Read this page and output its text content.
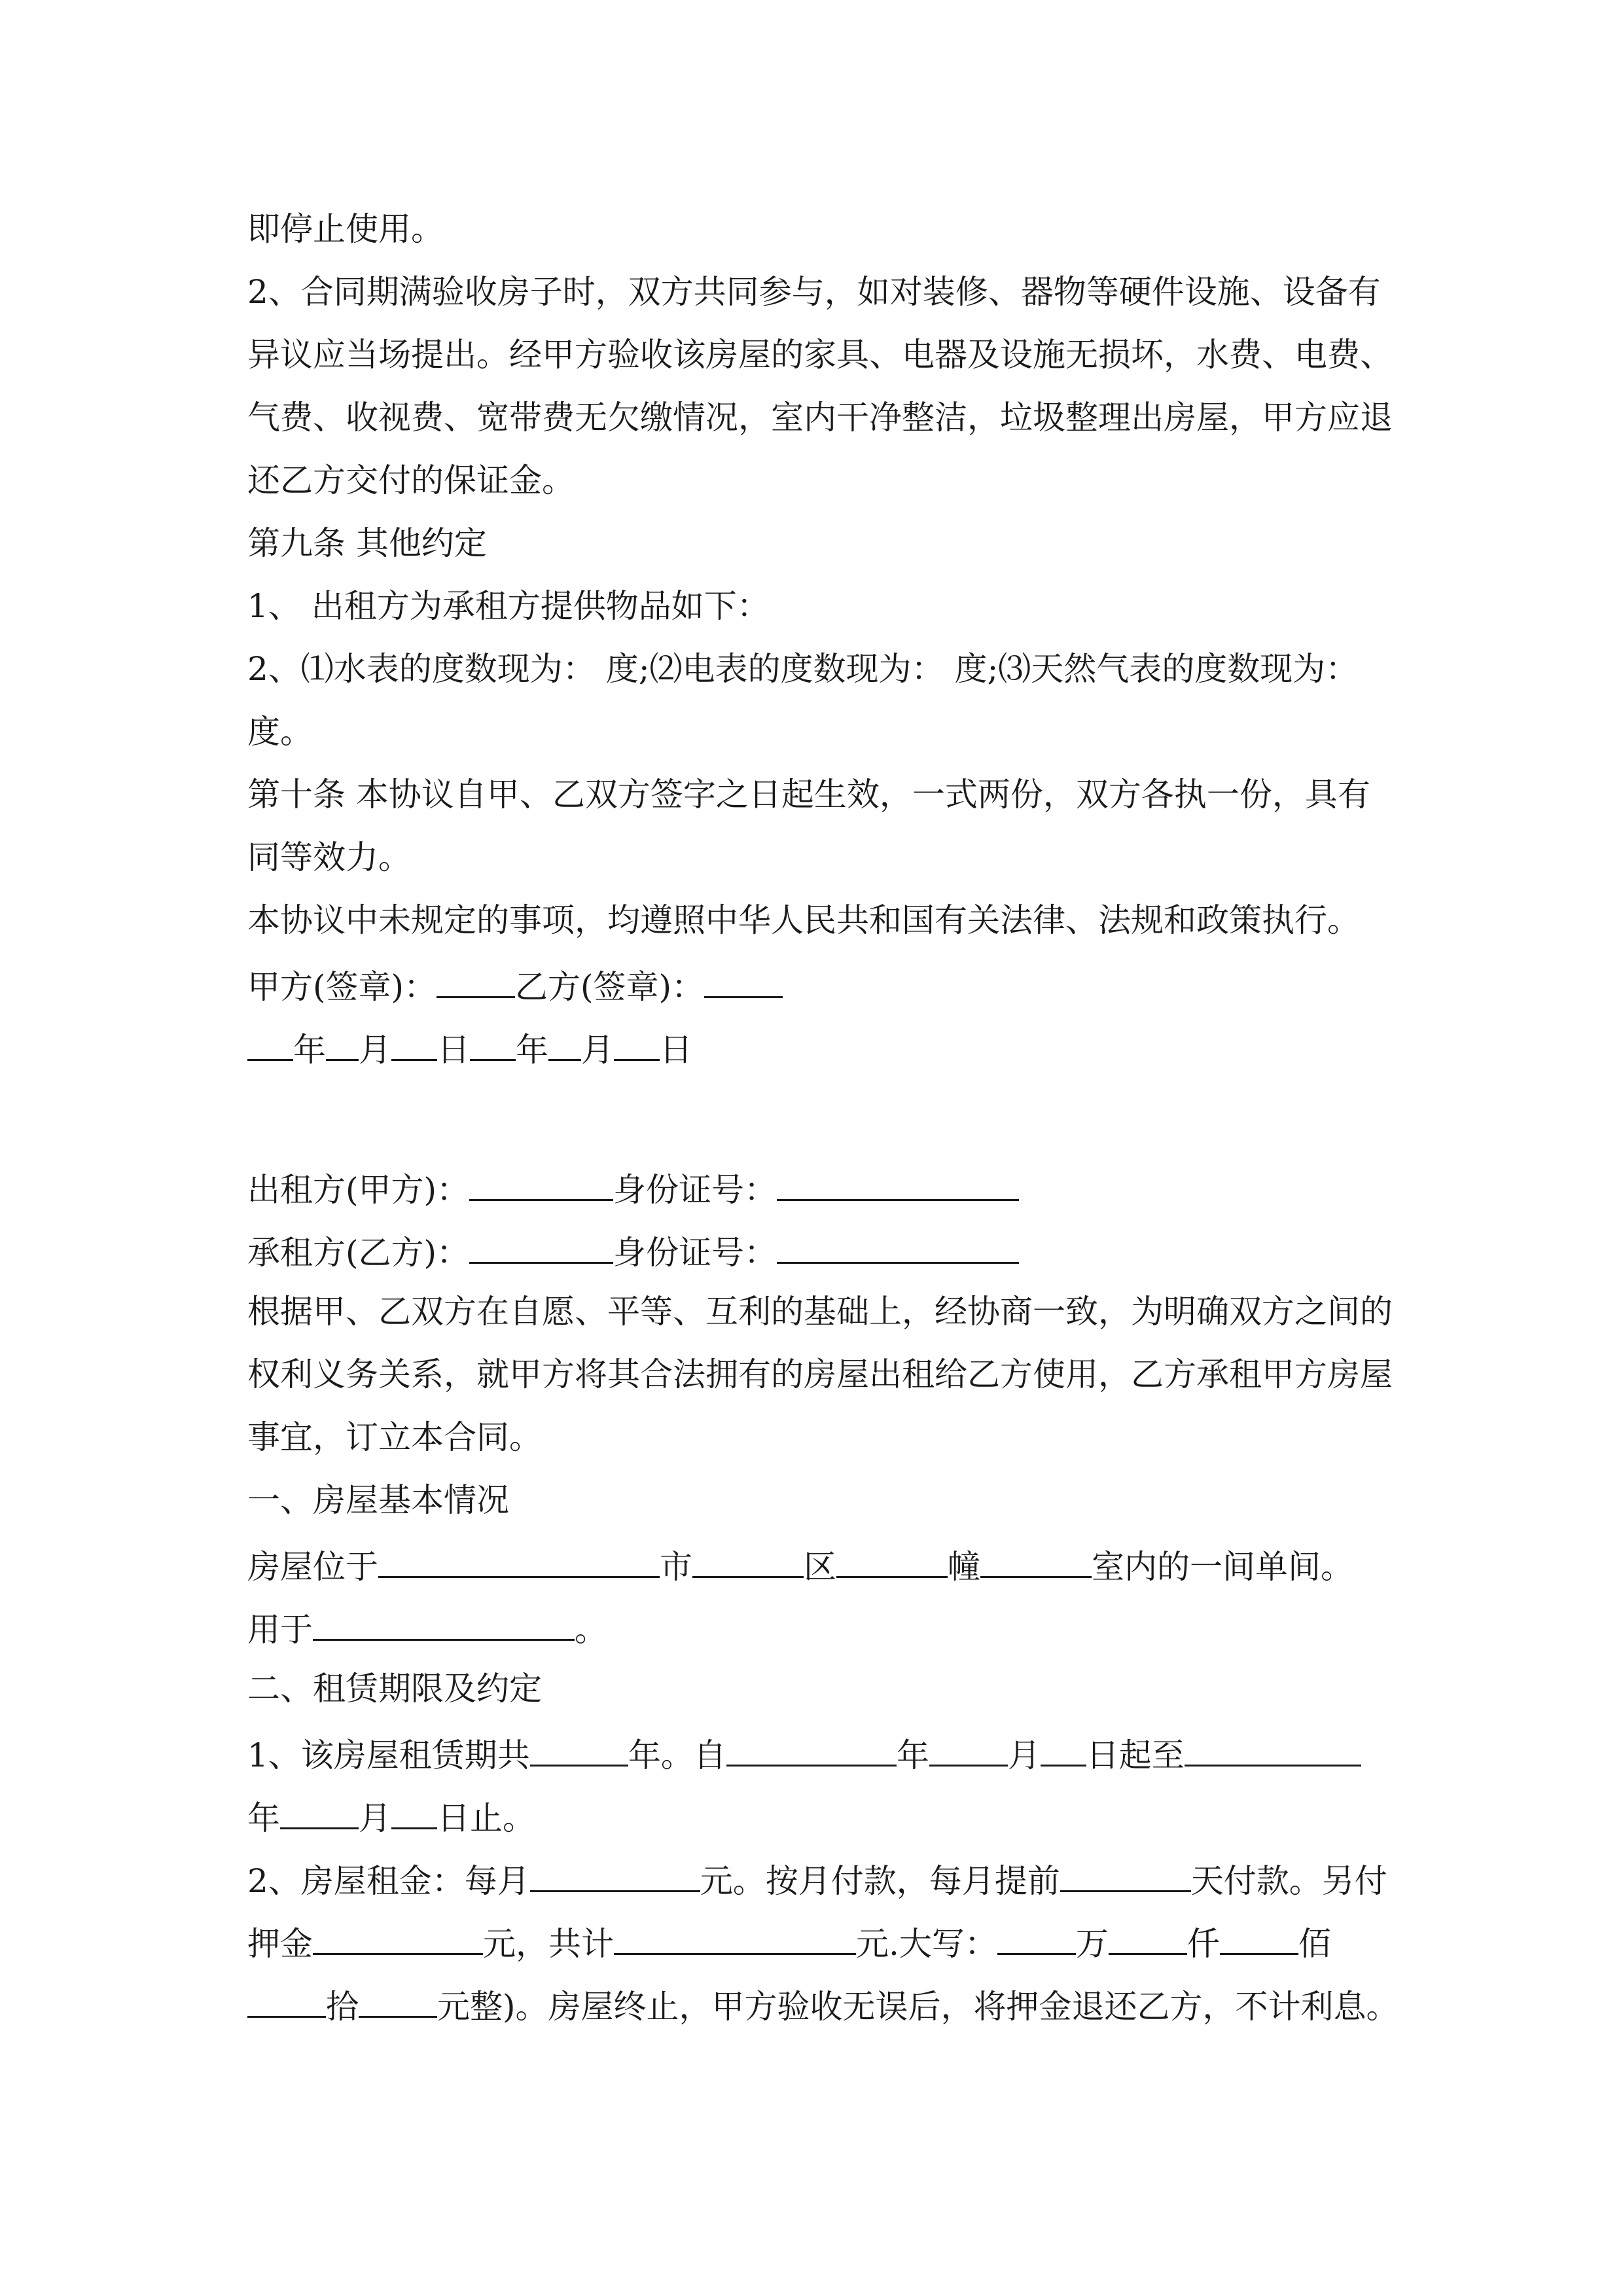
即停止使用。

2、合同期满验收房子时，双方共同参与，如对装修、器物等硬件设施、设备有

异议应当场提出。经甲方验收该房屋的家具、电器及设施无损坏，水费、电费、

气费、收视费、宽带费无欠缴情况，室内干净整洁，垃圾整理出房屋，甲方应退

还乙方交付的保证金。

第九条 其他约定

1、 出租方为承租方提供物品如下：

2、⑴水表的度数现为： 度;⑵电表的度数现为： 度;⑶天然气表的度数现为：

度。

第十条 本协议自甲、乙双方签字之日起生效，一式两份，双方各执一份，具有

同等效力。

本协议中未规定的事项，均遵照中华人民共和国有关法律、法规和政策执行。

甲方(签章)： 乙方(签章)：

年 月 日 年 月 日

出租方(甲方)：	身份证号：

承租方(乙方)：	身份证号：

根据甲、乙双方在自愿、平等、互利的基础上，经协商一致，为明确双方之间的

权利义务关系，就甲方将其合法拥有的房屋出租给乙方使用，乙方承租甲方房屋

事宜，订立本合同。

一、房屋基本情况

房屋位于	市	区	幢	室内的一间单间。

用于	。

二、租赁期限及约定

1、该房屋租赁期共	年。自	年 月 日起至

年 月 日止。

2、房屋租金：每月	元。按月付款，每月提前	天付款。另付

押金	元，共计	元.大写： 万 仟 佰

拾 元整)。房屋终止，甲方验收无误后，将押金退还乙方，不计利息。
